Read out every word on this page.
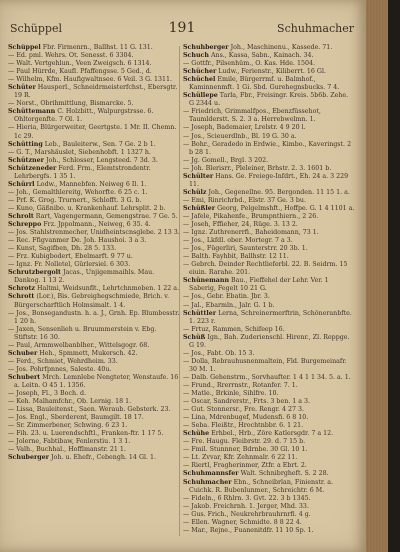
Schüppel	191	Schuhmacher

Schüppel Fbr. Firmenrn., Ballhst. 11 G. 131.

— Ed. pml. Wehrs. Ot. Senesst. 6 3304.

— Walt. Vertgehlun., Veen Zweigsch. 6 1314.

— Paul Hürrde, Kaufl. Pfaffengsse. 5 Ged., d.

— Wilhelm, Kfm. Haufigwaltnsee. 6 Veil. 3 G. 1311.

Schüter Hausperl., Schneidrmeisterfchst., Ebersgtr. 19 R.

— Norst., Obrihmittlung, Bismarcke. 5.

Schüttemann C. Holzbitt., Walpurgstrsse. 6. Ohltorgenfte. 7 Ol. 1.

— Hieria, Blürgerweiter, Geertgste. 1 Mr. II. Chemn. 1c 29.

Schütting Leb., Bauleiterw., Sen. 7 Ge. 2 b 1.

— G. T., Marshäuslet, Siebenhobft. 1 1327 h.

Schützner Joh., Schlosser, Lengsteed. 7 3d. 3.

Schützeneder Ferd. Frm., Elemtstrondentr. Lehrbergfs. 1 35 1.

Schürrl Lodw., Mannebfen. Neiweg 6 Il. 1.

— Joh., Gemalthlereitg, Wehorfte. 6 25 c. 1.

— Prf. K. Grog. Trurnert., Schlofft. 3 G. b.

— Kuno, Gäßnibo. u. Krankenhauf. Lehrsplit. 2 b.

Schrolt Rart, Vagengermann, Gemengstrae. 7 Ge. 5.

Schreppo Frz. Jppolmann., Neiweg, 6 35. 4.

— Jos. Stahlstrenmecher, Unidheintscnsglebe. 2 13 3.

— Rec. Ffigvanmer De. Joh. Haushoi. 3 a 3.

— Kunst, Sagifben, Dh. 28 5. 133.

— Frz. Kubigbodert, Ebelmarft. 9 77 u.

— Ignz. Fr. Nolletel, Gürlersiel. 6 303.

Schrutzbergolt Jacas., Unjigemmaihls. Mau. Dankog. 1 13 2.

Schrotz Haltmi, Weidsunflt., Lehrtchnmoben. 1 22 a.

Schrott (Lor.), Bis. Gebreighegschmiede, Brich. v. Bürgerscharftlich Holmsimalt. 1 4.

— Jos., Bonsegandustn. h. a. J., Grnh. Ep. Blumbesstr. 1 20 h.

— Jaxen, Sensenlieh u. Bruummerstein v. Ebg. Stiftstr. 16 30.

— Paul, Armmwelbanblher., Wittelsgogr. 68.

Schuber Heh., Spmmett, Mukersch. 42.

— Ferd., Schmiet, Wehrdheim. 33.

— Jos. Pohrfpnnes, Saleste. 40u.

Schubert Mrch. Lemnlebe Nengteter, Wenstaufe. 16 a. Leitn. O 45 1. 1356.

— Joseph, Fl., 3 Boch. d.

— Keh. Malhamfchr., Ob. Lernig. 18 1.

— Lissa, Bauleitenst., Saen. Weraub. Gebsterk. 23.

— Jos. Engl., Sberderent, Baumgilt. 18 17.

— Sr. Zimmerbener, Schwing. 6 23 1.

— Fih. 23. u. Luerendschftl., Franken-ftr. 1 17 5.

— Jolerne, Fabtibaw, Fenlerstiu. 1 3 1.

— Valh., Buchhal., Hofflmanstr. 21 1.

Schuberger Joh. u. Ehefr., Cebengh. 14 Gl. 1.

Schuhberger Joh., Maschinenu., Kassede. 71.

Schuch Ans., Kassa, Sabn., Kainach. 34.

— Gottfr., Pilsenhüm., O. Kas. Hde. 1504.

Schücher Ludw., Ferienstr., Kiliberrt. 16 Gl.

Schüchel Emile, Bürgerrmf. u. Balmhof., Kaminnenmft. 1 Gi. Sbd. Gurehegnsbucks. 7 4.

Schüllepe Tarla, Fbr., Freisingr. Kreis. 5b6b. Zehe. G 2344 u.

— Friedrich, Grimmalfpos., Ebenzfüssehot, Taumlderstt. S. 2. 3 a. Herrebwelmn. 1.

— Joseph, Bademaier, Lrelstr. 4 9 20 l.

— Jos., Scieuerdlnb., Bl. 19 G. 30 a.

— Bohr., Geradedo in Erdwie., Kimbo., Kaveringst. 2 b 28 1.

— Jg. Gomell., Brgl. 3 202.

— Joh. Blerisrr., Pleleiner, Brhstr. 2. 3. 1601 b.

Schülter Hans. Ge. Freiege-Infdrt., Eh. 24 a. 3 229 11.

Schülz Joh., Gegenellne. 95. Bergonden. 11 15 1. a.

— Emi, Rinrichrbd., Elstr. 37 Ge. 3 bu.

Schüßler Georg, Pelgelmshft., Hoffpe. G. 1 4 1101 a.

— Jafele, Pikahenfe., Brumpnthiern., 2 26.

— Joseh, Fffieher, 24, Rüge. 3. 13 2.

— Ignz. Zuthrenerrfi., Baheidomann, 73 1.

— Jos., Lkfdl. ober. Mortegr. 7 a 3.

— Jos., Fügerliri, Saunterstrr. 20 3b. 1.

— Balth. Fayhbit, Ballhstr. 12 11.

— Gebrch. Deinder Rechtlieferbl. 22. B. Seidrm. 15 eiuin. Rarahe. 201.

Schünemann Bau., Fieffehel der Lehr. Ver. 1 Saberig, Fegelt 10 21 G.

— Jos., Gebr. Ebatin. Jbr. 3.

— Jal., Ebarmln., Jalr. G. 1 b.

Schüttler Lerna, Schreinermerftrin, Schöneranbfte. 1. 223 r.

— Frtuz, Rammen, Schifeep 16.

Schüß Ign., Bah. Zuderienschl. Hirenr., Zl. Reppge. G 19.

— Jos., Fabt. Ob. 15 3.

— Dolla, Rebrauhusnenmaltein, Fld. Burgemeinafr. 30 M. 1.

— Dalb. Gehenstrm., Sorvhaufter. 1 4 1 1 34. 5. a. 1.

— Frund., Rrerrnstr., Rotanfer. 7. 1.

— Matle., Brkinle, Sihlfre. 10.

— Oscar, Sandrerstr., Frts. 3 ben. 1 a 3.

— Gut. Stonnersr., Fre. Rengr. 4 27 3.

— Lina, Mdrenbugef, Mudensfi. 6 8 10.

— Seba. Fleißtr., Hrochtnbbr. 6. 1 21.

Schühe Erhbel., Hrb., Zöre Katlersgdr. 7 a 12.

— Fre. Haugu. Fleibrstr. 29. d. 7 15 b.

— Fmil. Stunnner, Bdrnbe. 30 Gl. 10 1.

— Lt. Zvvar, Kfr. Zehnmalr. 6 22 11.

— Riertl, Fragherinmer, Ztfr. a Ebrt. 2.

Schuhmannsfer Walt. Schnibrgheft. S. 2 28.

Schuhmacher Ebn., Schneibrlan, Finienstr. a. Cuichk. R. Bubenlunmer., Schreichtr. 6 M.

— Fideln., 6 Rhlrn. 3. Gvt. 22. 3 b 1345.

— Jakob. Freichrnh. 1. Jerger, Mhd. 33.

— Gus. Frich., Neukrehrbrauhrnrfi. 4 g.

— Ellen. Wagner, Schmidte. 8 8 22 4.

— Mar., Rejne., Fuanenitdfr. 11 10 Sp. 1.
